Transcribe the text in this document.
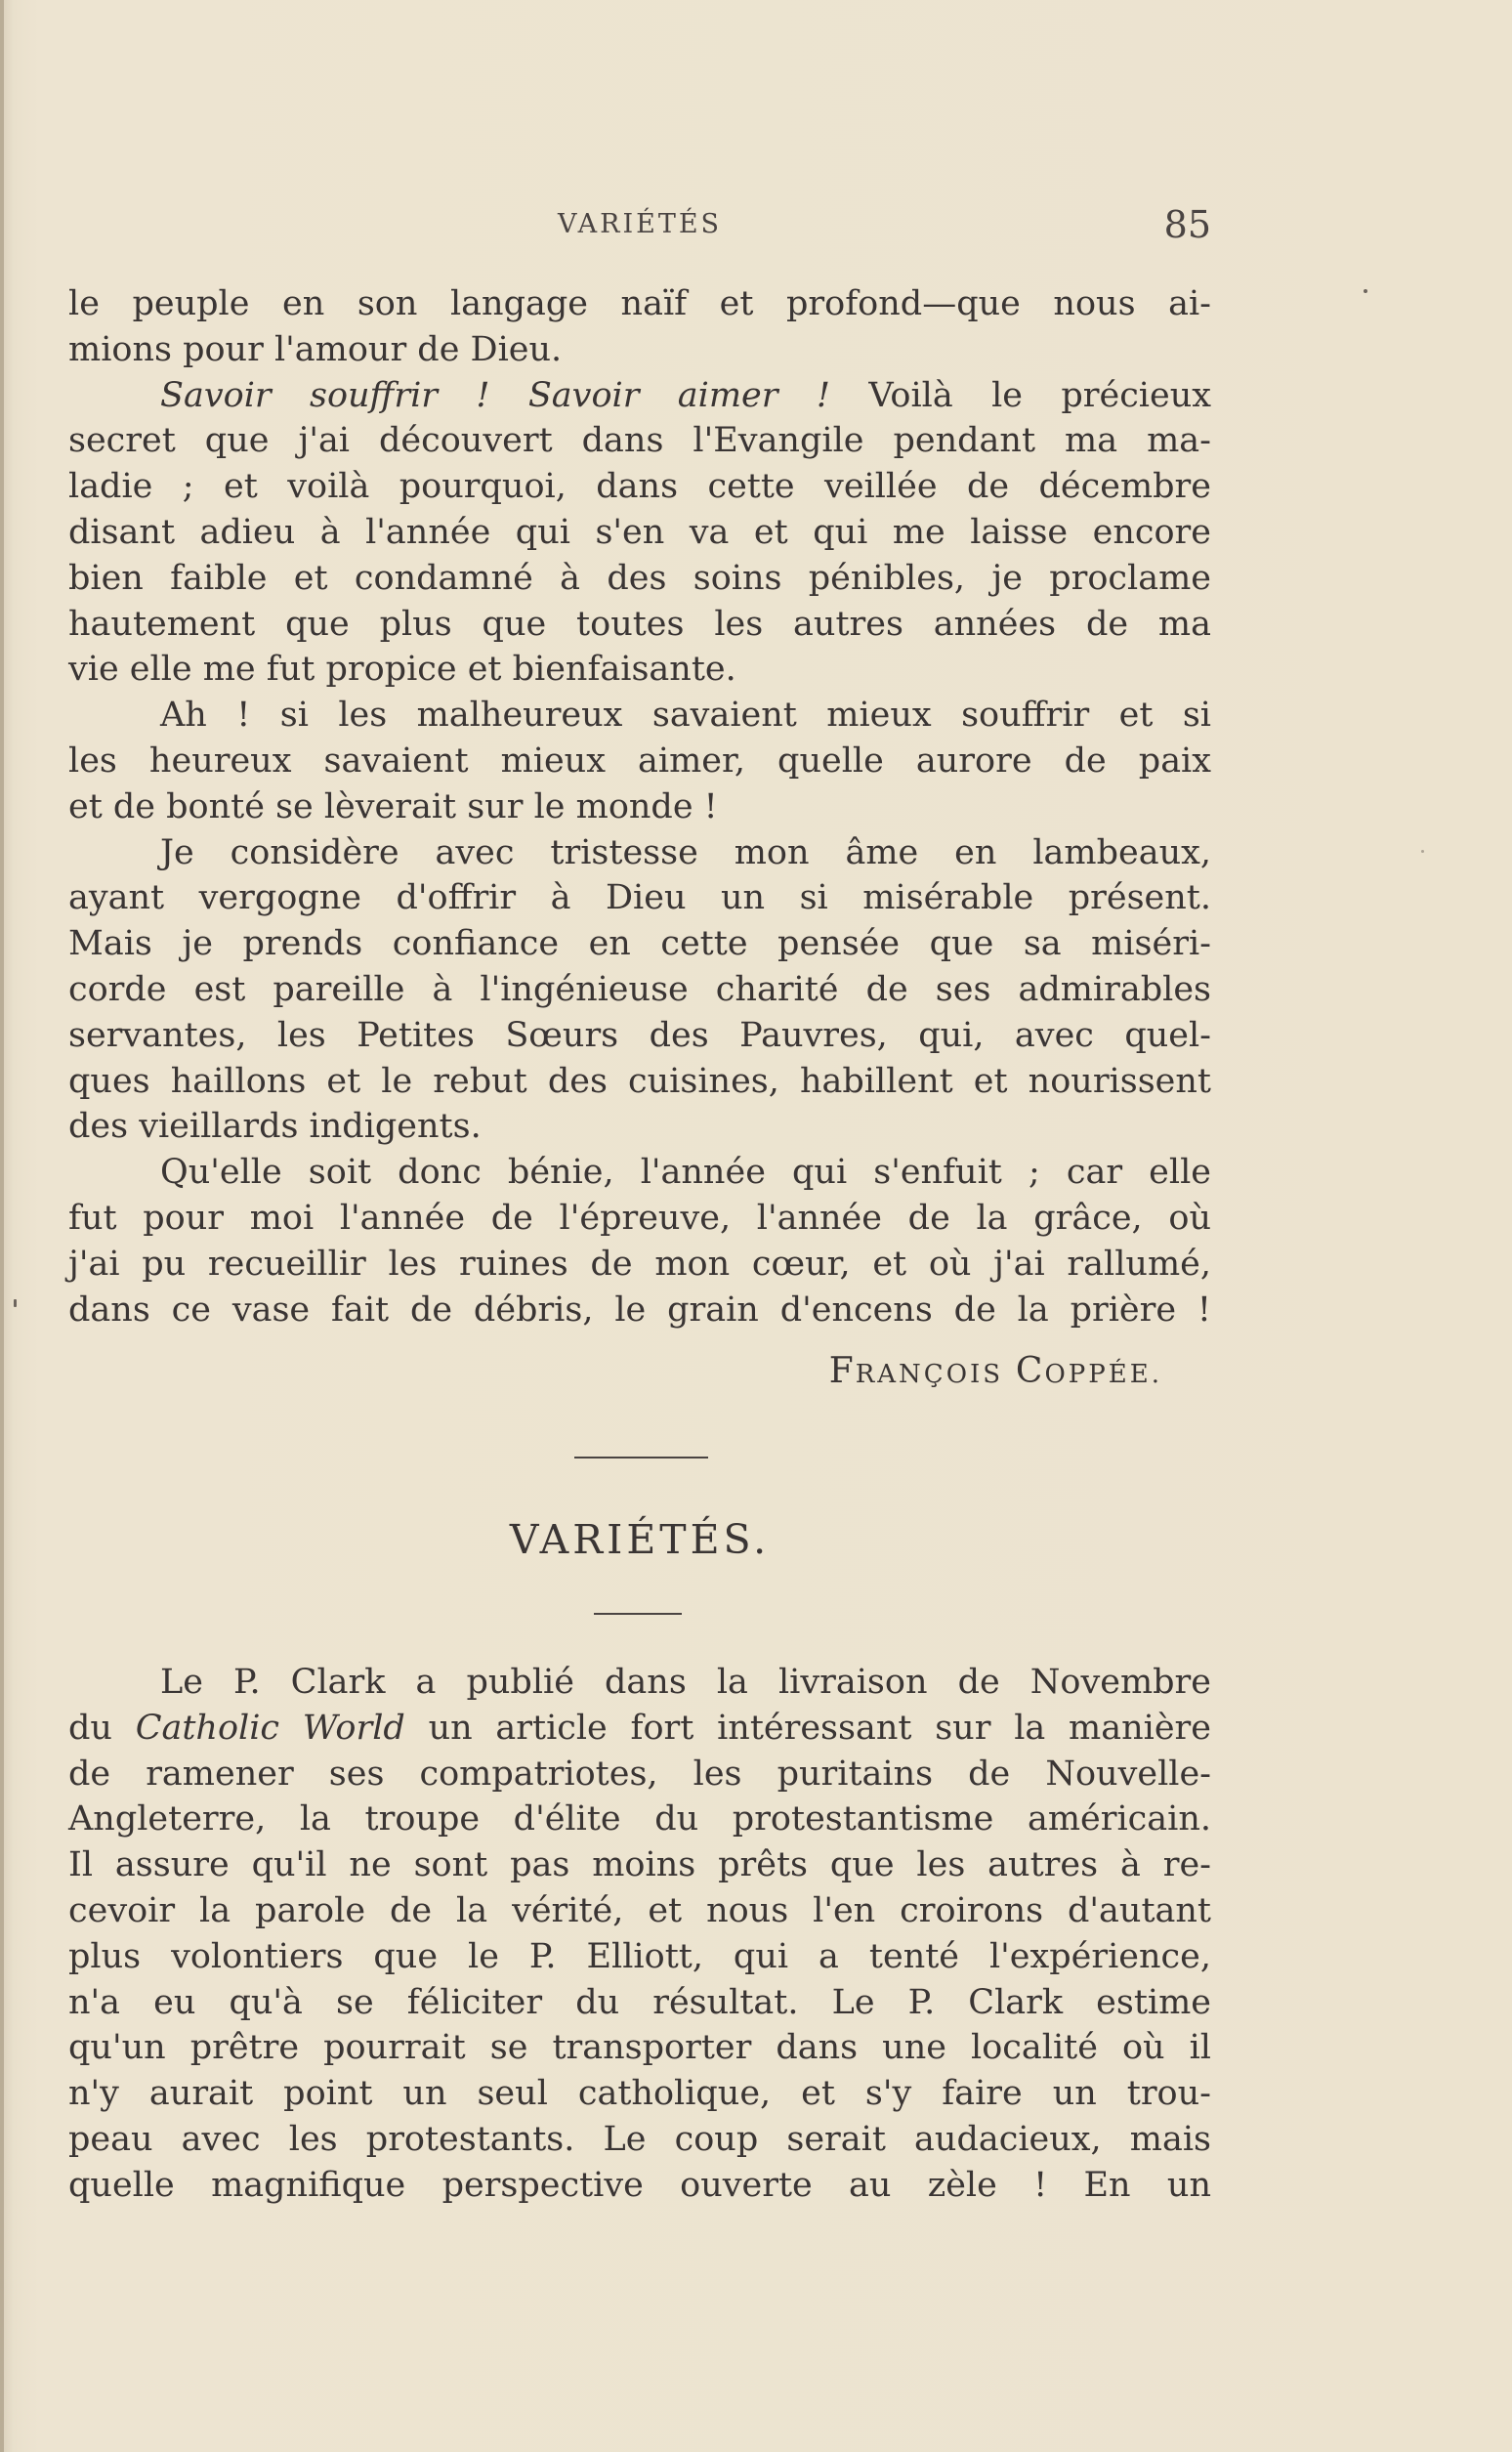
VARIÉTÉS	85
le peuple en son langage naïf et profond—que nous ai-
mions pour l'amour de Dieu.
Savoir souffrir ! Savoir aimer ! Voilà le précieux
secret que j'ai découvert dans l'Evangile pendant ma ma-
ladie ; et voilà pourquoi, dans cette veillée de décembre
disant adieu à l'année qui s'en va et qui me laisse encore
bien faible et condamné à des soins pénibles, je proclame
hautement que plus que toutes les autres années de ma
vie elle me fut propice et bienfaisante.
Ah ! si les malheureux savaient mieux souffrir et si
les heureux savaient mieux aimer, quelle aurore de paix
et de bonté se lèverait sur le monde !
Je considère avec tristesse mon âme en lambeaux,
ayant vergogne d'offrir à Dieu un si misérable présent.
Mais je prends confiance en cette pensée que sa miséri-
corde est pareille à l'ingénieuse charité de ses admirables
servantes, les Petites Sœurs des Pauvres, qui, avec quel-
ques haillons et le rebut des cuisines, habillent et nourissent
des vieillards indigents.
Qu'elle soit donc bénie, l'année qui s'enfuit ; car elle
fut pour moi l'année de l'épreuve, l'année de la grâce, où
j'ai pu recueillir les ruines de mon cœur, et où j'ai rallumé,
dans ce vase fait de débris, le grain d'encens de la prière !
FRANÇOIS COPPÉE.
VARIÉTÉS.
Le P. Clark a publié dans la livraison de Novembre
du Catholic World un article fort intéressant sur la manière
de ramener ses compatriotes, les puritains de Nouvelle-
Angleterre, la troupe d'élite du protestantisme américain.
Il assure qu'il ne sont pas moins prêts que les autres à re-
cevoir la parole de la vérité, et nous l'en croirons d'autant
plus volontiers que le P. Elliott, qui a tenté l'expérience,
n'a eu qu'à se féliciter du résultat. Le P. Clark estime
qu'un prêtre pourrait se transporter dans une localité où il
n'y aurait point un seul catholique, et s'y faire un trou-
peau avec les protestants. Le coup serait audacieux, mais
quelle magnifique perspective ouverte au zèle ! En un
